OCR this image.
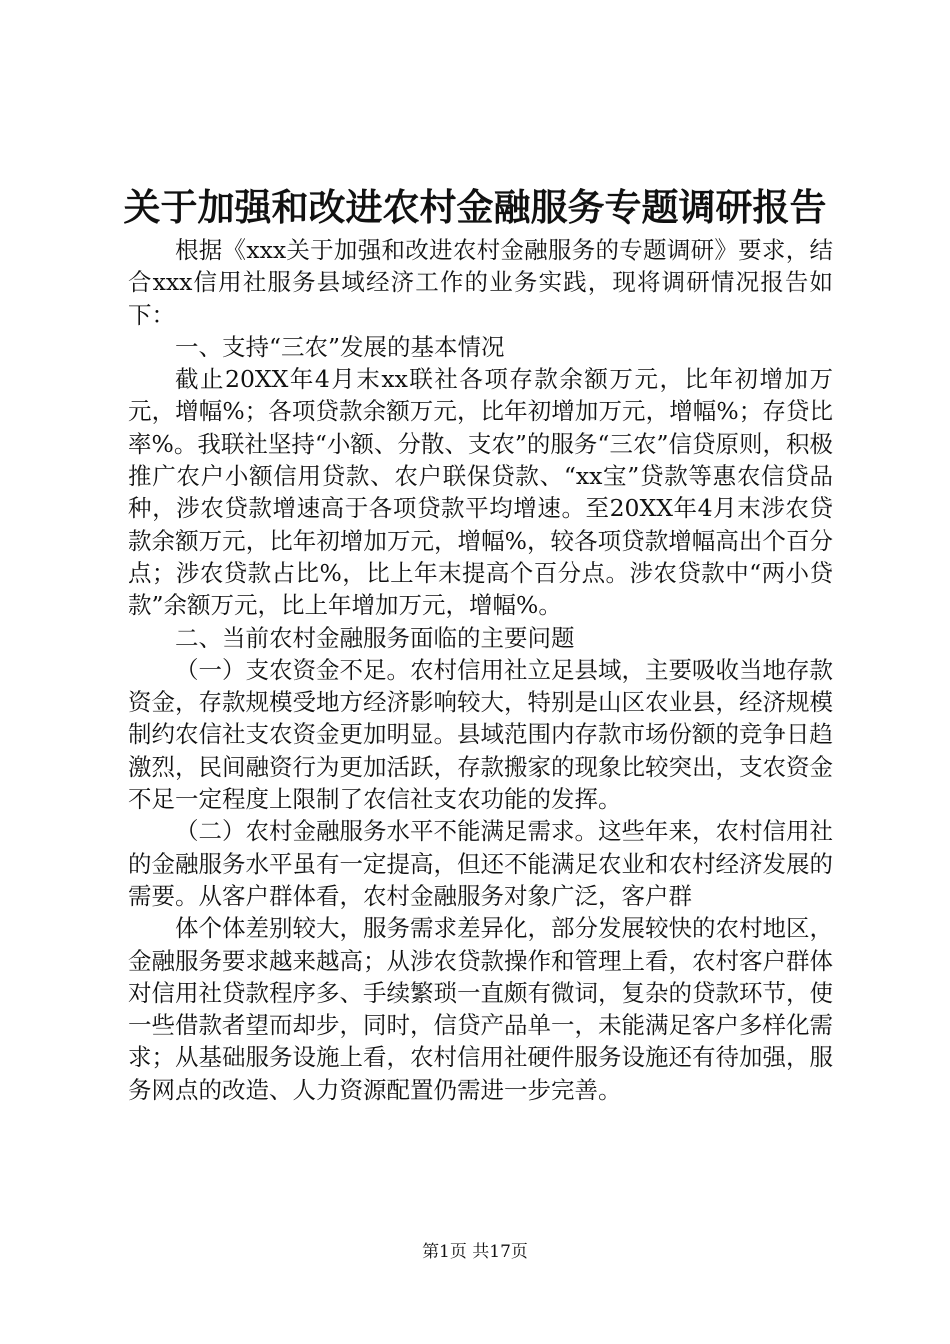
关于加强和改进农村金融服务专题调研报告

根据《xxx关于加强和改进农村金融服务的专题调研》要求，结合xxx信用社服务县域经济工作的业务实践，现将调研情况报告如下：

一、支持“三农”发展的基本情况

截止20XX年4月末xx联社各项存款余额万元，比年初增加万元，增幅%；各项贷款余额万元，比年初增加万元，增幅%；存贷比率%。我联社坚持“小额、分散、支农”的服务“三农”信贷原则，积极推广农户小额信用贷款、农户联保贷款、“xx宝”贷款等惠农信贷品种，涉农贷款增速高于各项贷款平均增速。至20XX年4月末涉农贷款余额万元，比年初增加万元，增幅%，较各项贷款增幅高出个百分点；涉农贷款占比%，比上年末提高个百分点。涉农贷款中“两小贷款”余额万元，比上年增加万元，增幅%。

二、当前农村金融服务面临的主要问题

（一）支农资金不足。农村信用社立足县域，主要吸收当地存款资金，存款规模受地方经济影响较大，特别是山区农业县，经济规模制约农信社支农资金更加明显。县域范围内存款市场份额的竞争日趋激烈，民间融资行为更加活跃，存款搬家的现象比较突出，支农资金不足一定程度上限制了农信社支农功能的发挥。

（二）农村金融服务水平不能满足需求。这些年来，农村信用社的金融服务水平虽有一定提高，但还不能满足农业和农村经济发展的需要。从客户群体看，农村金融服务对象广泛，客户群

体个体差别较大，服务需求差异化，部分发展较快的农村地区，金融服务要求越来越高；从涉农贷款操作和管理上看，农村客户群体对信用社贷款程序多、手续繁琐一直颇有微词，复杂的贷款环节，使一些借款者望而却步，同时，信贷产品单一，未能满足客户多样化需求；从基础服务设施上看，农村信用社硬件服务设施还有待加强，服务网点的改造、人力资源配置仍需进一步完善。

第1页 共17页
